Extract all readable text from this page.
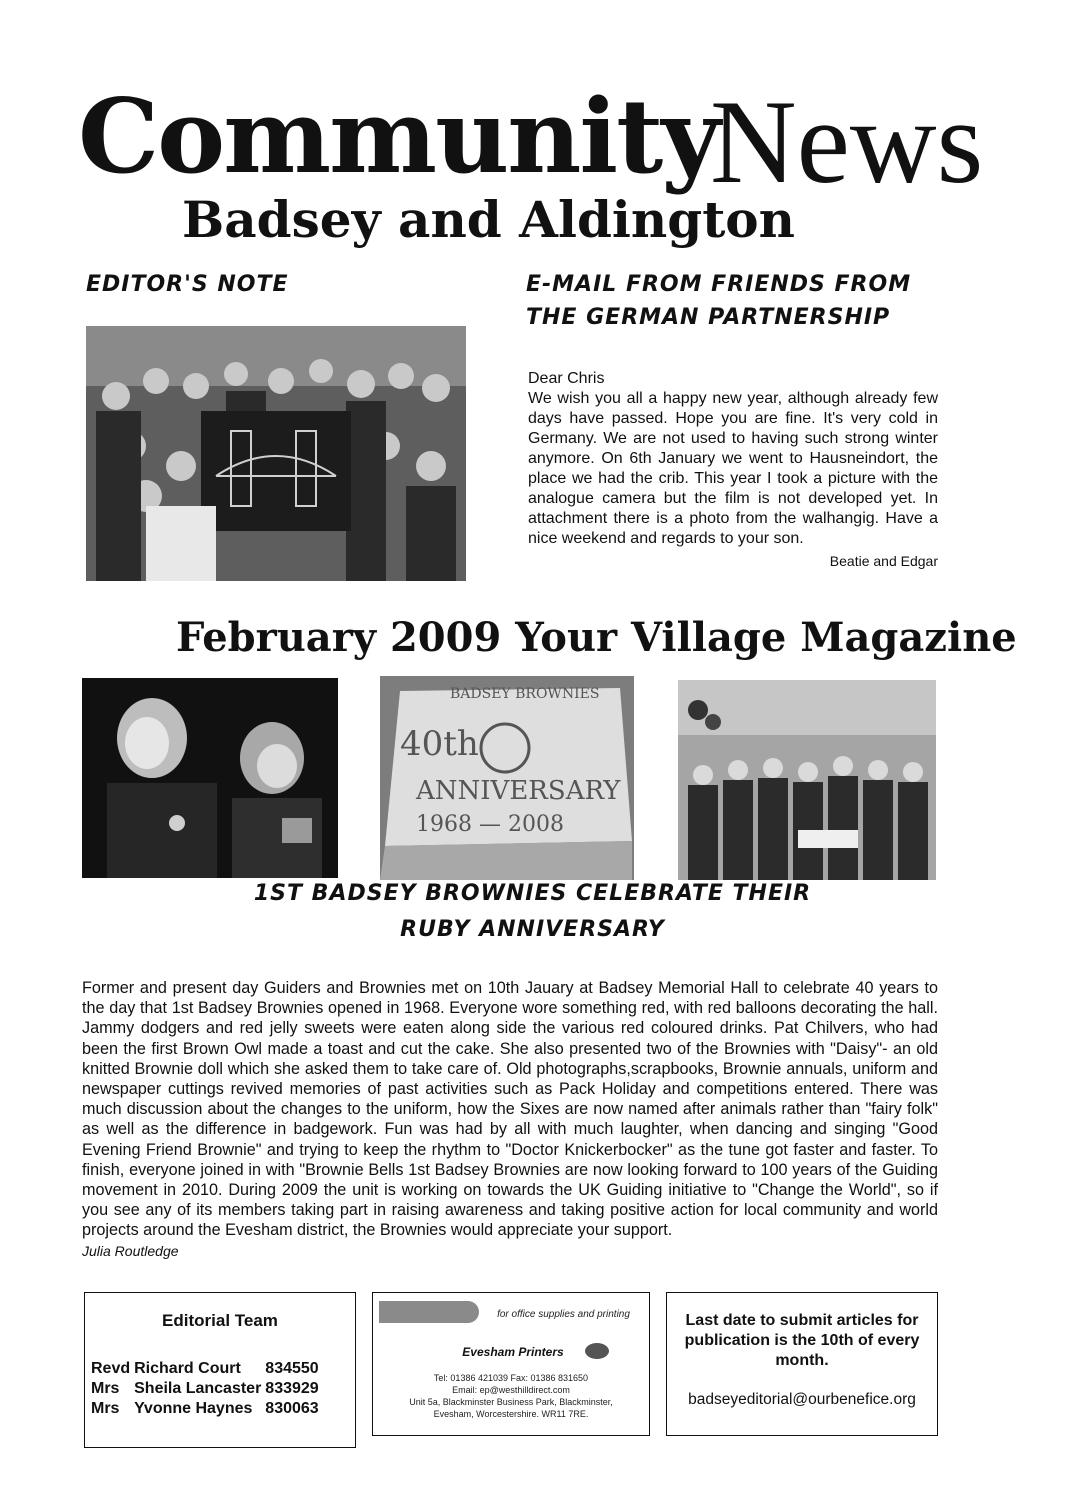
Community
News
Badsey and Aldington
EDITOR'S NOTE	E-MAIL FROM FRIENDS FROM
THE GERMAN PARTNERSHIP

Dear Chris

We wish you all a happy new year, although already few days have passed. Hope you are fine. It's very cold in Germany. We are not used to having such strong winter anymore. On 6th January we went to Hausneindort, the place we had the crib. This year I took a picture with the analogue camera but the film is not developed yet. In attachment there is a photo from the walhangig. Have a nice weekend and regards to your son.

Beatie and Edgar
February 2009 Your Village Magazine
BADSEY BROWNIES
40th
ANNIVERSARY
1968 — 2008
1ST BADSEY BROWNIES CELEBRATE THEIR
RUBY ANNIVERSARY

Former and present day Guiders and Brownies met on 10th Jauary at Badsey Memorial Hall to celebrate 40 years to the day that 1st Badsey Brownies opened in 1968. Everyone wore something red, with red balloons decorating the hall. Jammy dodgers and red jelly sweets were eaten along side the various red coloured drinks. Pat Chilvers, who had been the first Brown Owl made a toast and cut the cake. She also presented two of the Brownies with "Daisy"- an old knitted Brownie doll which she asked them to take care of. Old photographs,scrapbooks, Brownie annuals, uniform and newspaper cuttings revived memories of past activities such as Pack Holiday and competitions entered. There was much discussion about the changes to the uniform, how the Sixes are now named after animals rather than "fairy folk" as well as the difference in badgework. Fun was had by all with much laughter, when dancing and singing "Good Evening Friend Brownie" and trying to keep the rhythm to "Doctor Knickerbocker" as the tune got faster and faster. To finish, everyone joined in with "Brownie Bells 1st Badsey Brownies are now looking forward to 100 years of the Guiding movement in 2010. During 2009 the unit is working on towards the UK Guiding initiative to "Change the World", so if you see any of its members taking part in raising awareness and taking positive action for local community and world projects around the Evesham district, the Brownies would appreciate your support.

Julia Routledge
Editorial Team
Revd	Richard Court	834550
Mrs	Sheila Lancaster	833929
Mrs	Yvonne Haynes	830063
for office supplies and printing
Evesham Printers
Tel: 01386 421039 Fax: 01386 831650
Email: ep@westhilldirect.com
Unit 5a, Blackminster Business Park, Blackminster,
Evesham, Worcestershire. WR11 7RE.
Last date to submit articles for publication is the 10th of every month.
badseyeditorial@ourbenefice.org
